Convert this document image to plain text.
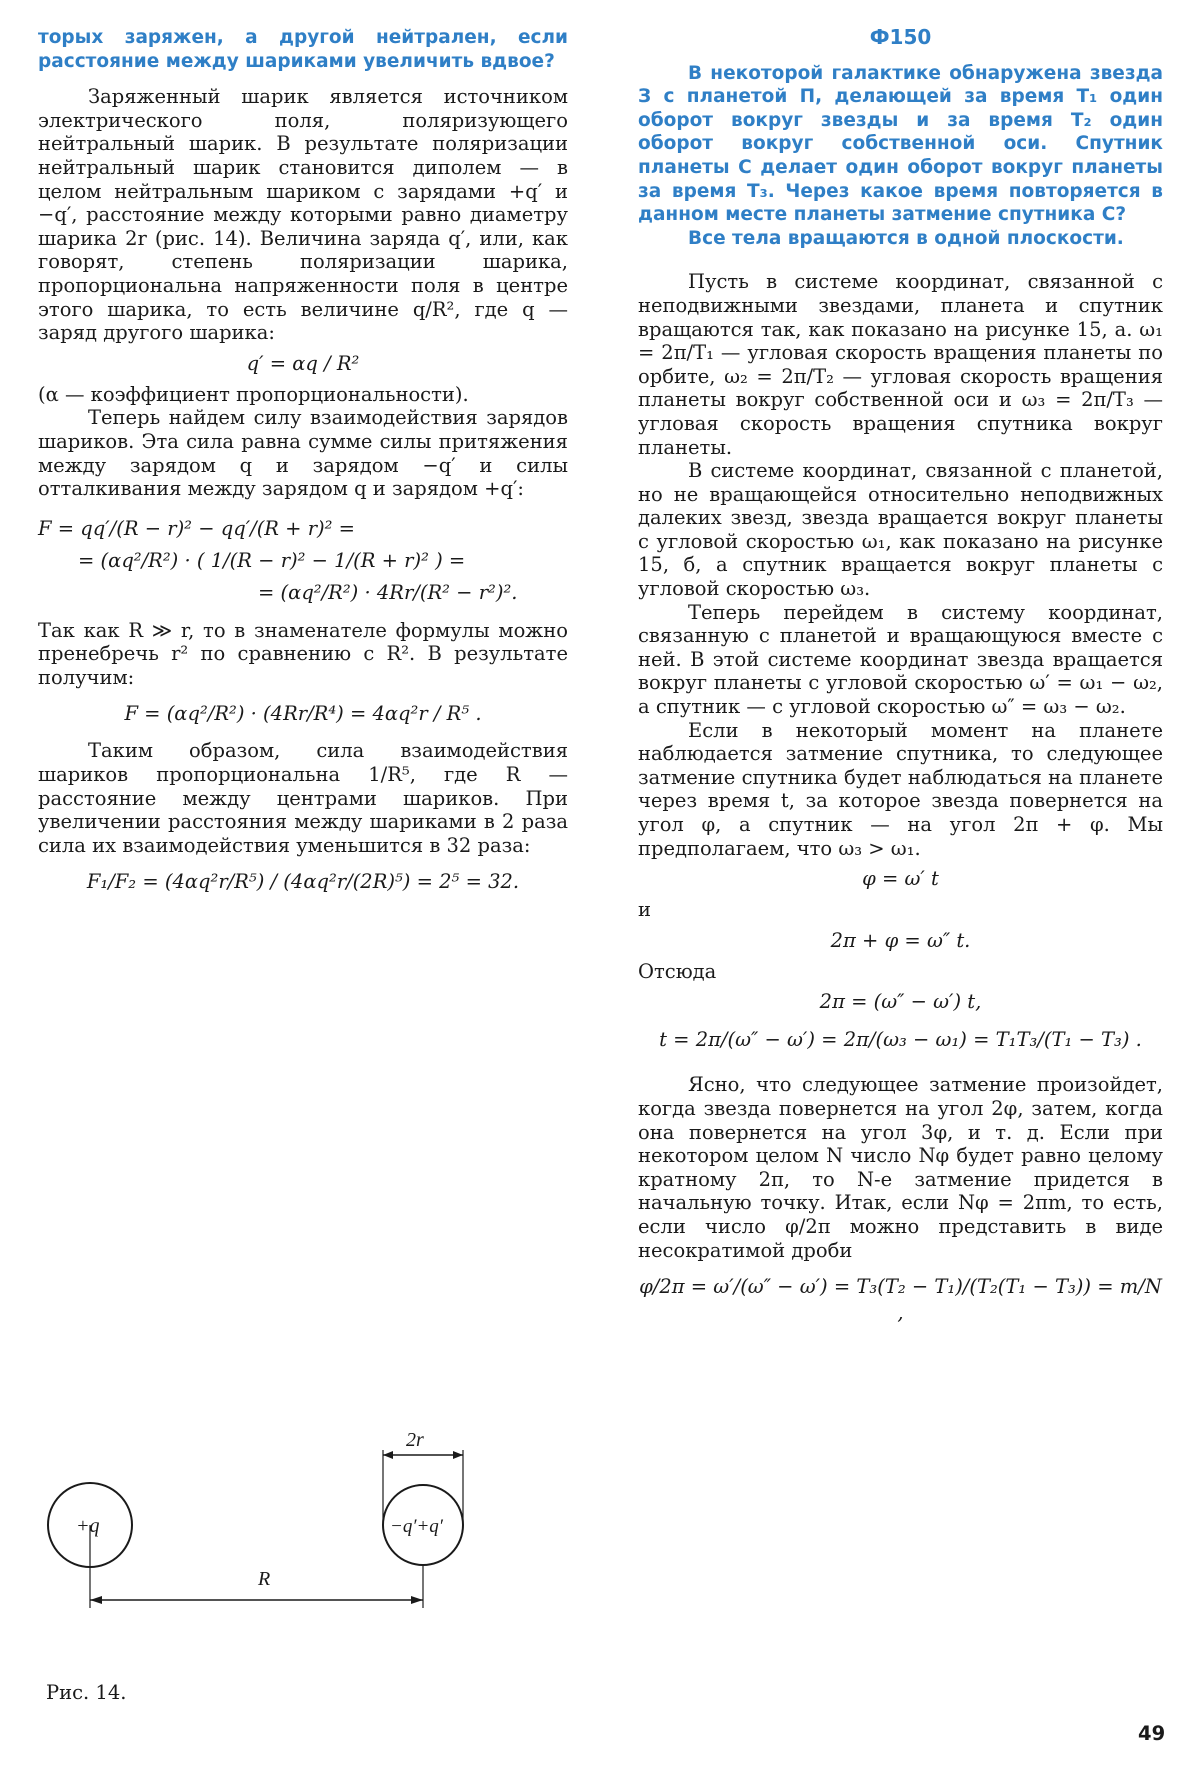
торых заряжен, а другой нейтрален, если расстояние между шариками увеличить вдвое?

Заряженный шарик является источником электрического поля, поляризующего нейтральный шарик. В результате поляризации нейтральный шарик становится диполем — в целом нейтральным шариком с зарядами +q′ и −q′, расстояние между которыми равно диаметру шарика 2r (рис. 14). Величина заряда q′, или, как говорят, степень поляризации шарика, пропорциональна напряженности поля в центре этого шарика, то есть величине q/R², где q — заряд другого шарика:

q′ = αq / R²

(α — коэффициент пропорциональности).

Теперь найдем силу взаимодействия зарядов шариков. Эта сила равна сумме силы притяжения между зарядом q и зарядом −q′ и силы отталкивания между зарядом q и зарядом +q′:

F = qq′/(R − r)² − qq′/(R + r)² =
= (αq²/R²) · ( 1/(R − r)² − 1/(R + r)² ) =
= (αq²/R²) · 4Rr/(R² − r²)².

Так как R ≫ r, то в знаменателе формулы можно пренебречь r² по сравнению с R². В результате получим:

F = (αq²/R²) · (4Rr/R⁴) = 4αq²r / R⁵ .

Таким образом, сила взаимодействия шариков пропорциональна 1/R⁵, где R — расстояние между центрами шариков. При увеличении расстояния между шариками в 2 раза сила их взаимодействия уменьшится в 32 раза:

F₁/F₂ = (4αq²r/R⁵) / (4αq²r/(2R)⁵) = 2⁵ = 32.
+q	−q′+q′
2r
R
Рис. 14.
Ф150

В некоторой галактике обнаружена звезда З с планетой П, делающей за время T₁ один оборот вокруг звезды и за время T₂ один оборот вокруг собственной оси. Спутник планеты С делает один оборот вокруг планеты за время T₃. Через какое время повторяется в данном месте планеты затмение спутника С?

Все тела вращаются в одной плоскости.

Пусть в системе координат, связанной с неподвижными звездами, планета и спутник вращаются так, как показано на рисунке 15, а. ω₁ = 2π/T₁ — угловая скорость вращения планеты по орбите, ω₂ = 2π/T₂ — угловая скорость вращения планеты вокруг собственной оси и ω₃ = 2π/T₃ — угловая скорость вращения спутника вокруг планеты.

В системе координат, связанной с планетой, но не вращающейся относительно неподвижных далеких звезд, звезда вращается вокруг планеты с угловой скоростью ω₁, как показано на рисунке 15, б, а спутник вращается вокруг планеты с угловой скоростью ω₃.

Теперь перейдем в систему координат, связанную с планетой и вращающуюся вместе с ней. В этой системе координат звезда вращается вокруг планеты с угловой скоростью ω′ = ω₁ − ω₂, а спутник — с угловой скоростью ω″ = ω₃ − ω₂.

Если в некоторый момент на планете наблюдается затмение спутника, то следующее затмение спутника будет наблюдаться на планете через время t, за которое звезда повернется на угол φ, а спутник — на угол 2π + φ. Мы предполагаем, что ω₃ > ω₁.

φ = ω′ t

и

2π + φ = ω″ t.

Отсюда

2π = (ω″ − ω′) t,
t = 2π/(ω″ − ω′) = 2π/(ω₃ − ω₁) = T₁T₃/(T₁ − T₃) .

Ясно, что следующее затмение произойдет, когда звезда повернется на угол 2φ, затем, когда она повернется на угол 3φ, и т. д. Если при некотором целом N число Nφ будет равно целому кратному 2π, то N-е затмение придется в начальную точку. Итак, если Nφ = 2πm, то есть, если число φ/2π можно представить в виде несократимой дроби

φ/2π = ω′/(ω″ − ω′) = T₃(T₂ − T₁)/(T₂(T₁ − T₃)) = m/N ,
49
